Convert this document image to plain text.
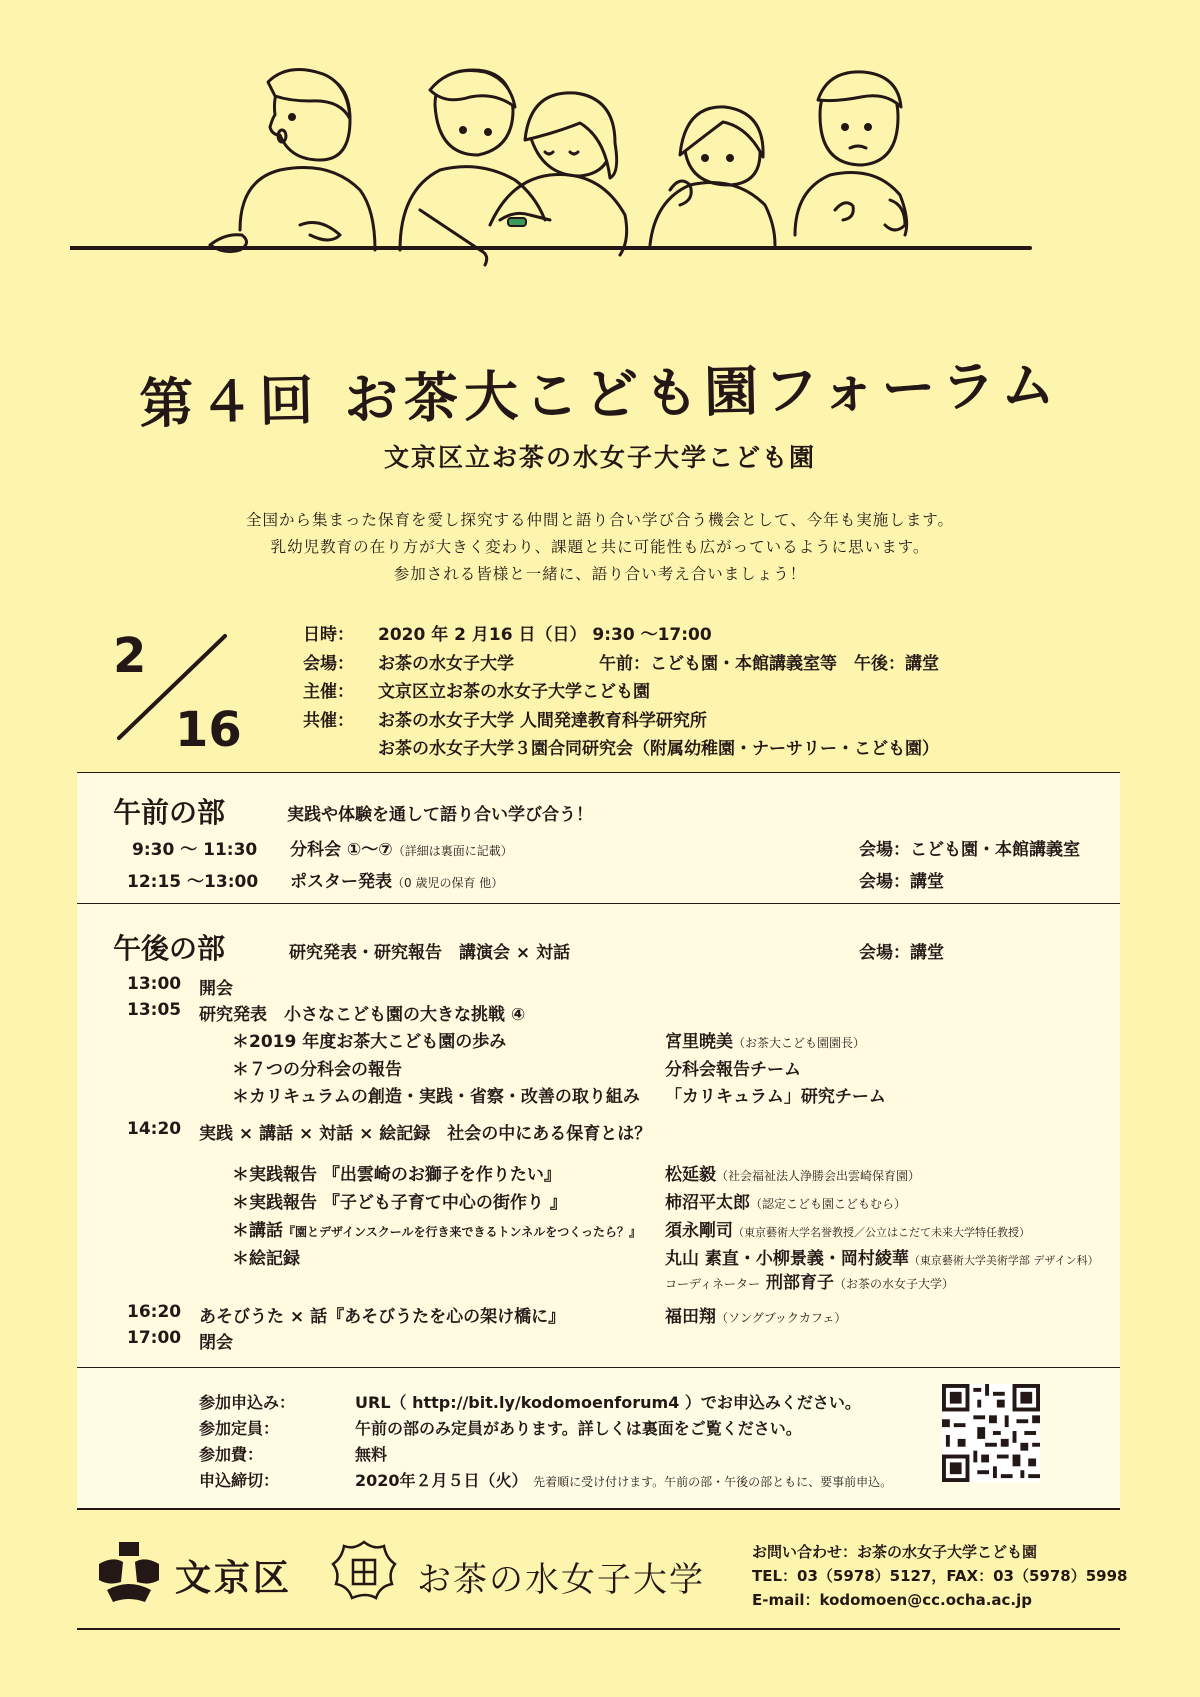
第４回 お茶大こども園フォーラム
文京区立お茶の水女子大学こども園
全国から集まった保育を愛し探究する仲間と語り合い学び合う機会として、今年も実施します。
乳幼児教育の在り方が大きく変わり、課題と共に可能性も広がっているように思います。
参加される皆様と一緒に、語り合い考え合いましょう！
2
16
日時：	2020 年 2 月16 日（日） 9:30 ～17:00
会場：	お茶の水女子大学　　　　　午前：こども園・本館講義室等　午後：講堂
主催：	文京区立お茶の水女子大学こども園
共催：	お茶の水女子大学 人間発達教育科学研究所
お茶の水女子大学３園合同研究会（附属幼稚園・ナーサリー・こども園）
午前の部	実践や体験を通して語り合い学び合う！
9:30 ～ 11:30 分科会 ①～⑦（詳細は裏面に記載）	会場：こども園・本館講義室
12:15 ～13:00 ポスター発表（0 歳児の保育 他）	会場：講堂
午後の部	研究発表・研究報告　講演会 × 対話	会場：講堂
13:00 開会
13:05 研究発表　小さなこども園の大きな挑戦 ④
＊2019 年度お茶大こども園の歩み	宮里暁美（お茶大こども園園長）
＊７つの分科会の報告	分科会報告チーム
＊カリキュラムの創造・実践・省察・改善の取り組み 「カリキュラム」研究チーム
14:20 実践 × 講話 × 対話 × 絵記録　社会の中にある保育とは？
＊実践報告 『出雲崎のお獅子を作りたい』	松延毅（社会福祉法人浄勝会出雲崎保育園）
＊実践報告 『子ども子育て中心の街作り 』	柿沼平太郎（認定こども園こどもむら）
＊講話『園とデザインスクールを行き来できるトンネルをつくったら？』 須永剛司（東京藝術大学名誉教授／公立はこだて未来大学特任教授）
＊絵記録	丸山 素直・小柳景義・岡村綾華（東京藝術大学美術学部 デザイン科）
コーディネーター 刑部育子（お茶の水女子大学）
16:20 あそびうた × 話『あそびうたを心の架け橋に』	福田翔（ソングブックカフェ）
17:00 閉会
参加申込み：	URL（ http://bit.ly/kodomoenforum4 ）でお申込みください。
参加定員：	午前の部のみ定員があります。詳しくは裏面をご覧ください。
参加費：	無料
申込締切：	2020年２月５日（火） 先着順に受け付けます。午前の部・午後の部ともに、要事前申込。
文京区	お茶の水女子大学
お問い合わせ：お茶の水女子大学こども園
TEL：03（5978）5127，FAX：03（5978）5998
E-mail：kodomoen@cc.ocha.ac.jp
